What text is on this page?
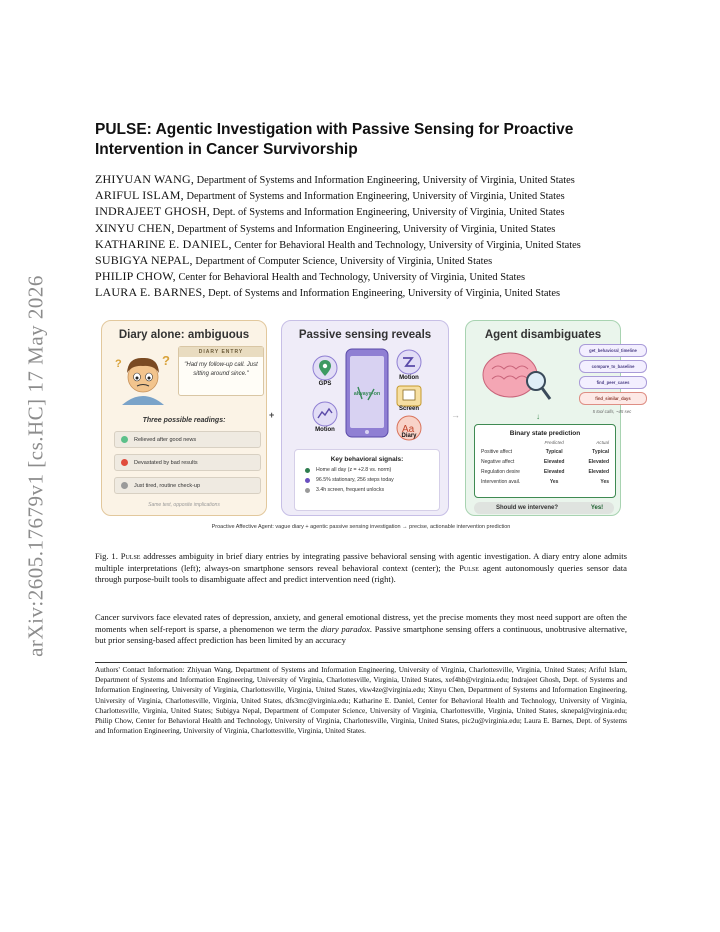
arXiv:2605.17679v1 [cs.HC] 17 May 2026
PULSE: Agentic Investigation with Passive Sensing for Proactive Intervention in Cancer Survivorship
ZHIYUAN WANG, Department of Systems and Information Engineering, University of Virginia, United States
ARIFUL ISLAM, Department of Systems and Information Engineering, University of Virginia, United States
INDRAJEET GHOSH, Dept. of Systems and Information Engineering, University of Virginia, United States
XINYU CHEN, Department of Systems and Information Engineering, University of Virginia, United States
KATHARINE E. DANIEL, Center for Behavioral Health and Technology, University of Virginia, United States
SUBIGYA NEPAL, Department of Computer Science, University of Virginia, United States
PHILIP CHOW, Center for Behavioral Health and Technology, University of Virginia, United States
LAURA E. BARNES, Dept. of Systems and Information Engineering, University of Virginia, United States
Diary alone: ambiguous
?	?
DIARY ENTRY
"Had my follow-up call. Just sitting around since."
Three possible readings:
Relieved after good news
Devastated by bad results
Just tired, routine check-up
Same text, opposite implications
+
Passive sensing reveals
always-on
GPS
Motion
Screen
Motion	Aa
Diary
Key behavioral signals:
Home all day (z = +2.8 vs. norm)
96.5% stationary, 256 steps today
3.4h screen, frequent unlocks
→
Agent disambiguates
get_behavioral_timeline
compare_to_baseline
find_peer_cases
find_similar_days
5 tool calls, ~45 sec
↓
Binary state prediction
Predicted	Actual
Positive affect	Typical	Typical
Negative affect	Elevated	Elevated
Regulation desire	Elevated	Elevated
Intervention avail.	Yes	Yes
Should we intervene?	Yes!
Proactive Affective Agent: vague diary + agentic passive sensing investigation → precise, actionable intervention prediction
Fig. 1. Pulse addresses ambiguity in brief diary entries by integrating passive behavioral sensing with agentic investigation. A diary entry alone admits multiple interpretations (left); always-on smartphone sensors reveal behavioral context (center); the Pulse agent autonomously queries sensor data through purpose-built tools to disambiguate affect and predict intervention need (right).
Cancer survivors face elevated rates of depression, anxiety, and general emotional distress, yet the precise moments they most need support are often the moments when self-report is sparse, a phenomenon we term the diary paradox. Passive smartphone sensing offers a continuous, unobtrusive alternative, but prior sensing-based affect prediction has been limited by an accuracy
Authors' Contact Information: Zhiyuan Wang, Department of Systems and Information Engineering, University of Virginia, Charlottesville, Virginia, United States; Ariful Islam, Department of Systems and Information Engineering, University of Virginia, Charlottesville, Virginia, United States, xef4hb@virginia.edu; Indrajeet Ghosh, Dept. of Systems and Information Engineering, University of Virginia, Charlottesville, Virginia, United States, vkw4ze@virginia.edu; Xinyu Chen, Department of Systems and Information Engineering, University of Virginia, Charlottesville, Virginia, United States, dfs3mc@virginia.edu; Katharine E. Daniel, Center for Behavioral Health and Technology, University of Virginia, Charlottesville, Virginia, United States; Subigya Nepal, Department of Computer Science, University of Virginia, Charlottesville, Virginia, United States, sknepal@virginia.edu; Philip Chow, Center for Behavioral Health and Technology, University of Virginia, Charlottesville, Virginia, United States, pic2u@virginia.edu; Laura E. Barnes, Dept. of Systems and Information Engineering, University of Virginia, Charlottesville, Virginia, United States.
